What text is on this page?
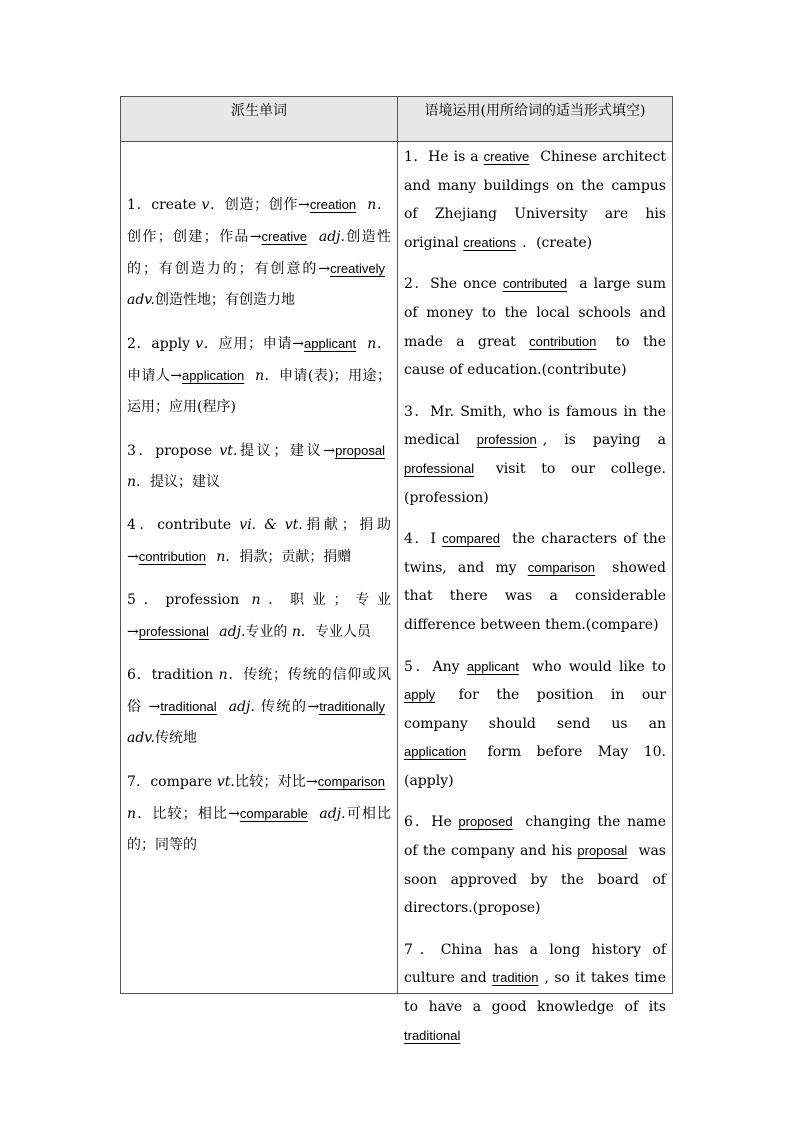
派生单词	语境运用(用所给词的适当形式填空)
1．create v．创造；创作→creation n．创作；创建；作品→creative adj.创造性的；有创造力的；有创意的→creatively adv.创造性地；有创造力地
2．apply v．应用；申请→applicant n．申请人→application n．申请(表)；用途；运用；应用(程序)
3．propose vt.提议；建议→proposal n．提议；建议
4．contribute vi. & vt.捐献；捐助→contribution n．捐款；贡献；捐赠
5．profession n．职业；专业→professional adj.专业的 n．专业人员
6．tradition n．传统；传统的信仰或风俗 →traditional adj. 传统的→traditionally adv.传统地
7．compare vt.比较；对比→comparison n．比较；相比→comparable adj.可相比的；同等的
1．He is a creative Chinese architect and many buildings on the campus of Zhejiang University are his original creations ．(create)
2．She once contributed a large sum of money to the local schools and made a great contribution to the cause of education.(contribute)
3．Mr. Smith, who is famous in the medical profession , is paying a professional visit to our college.(profession)
4．I compared the characters of the twins, and my comparison showed that there was a considerable difference between them.(compare)
5．Any applicant who would like to apply for the position in our company should send us an application form before May 10.(apply)
6．He proposed changing the name of the company and his proposal was soon approved by the board of directors.(propose)
7．China has a long history of culture and tradition , so it takes time to have a good knowledge of its traditional
